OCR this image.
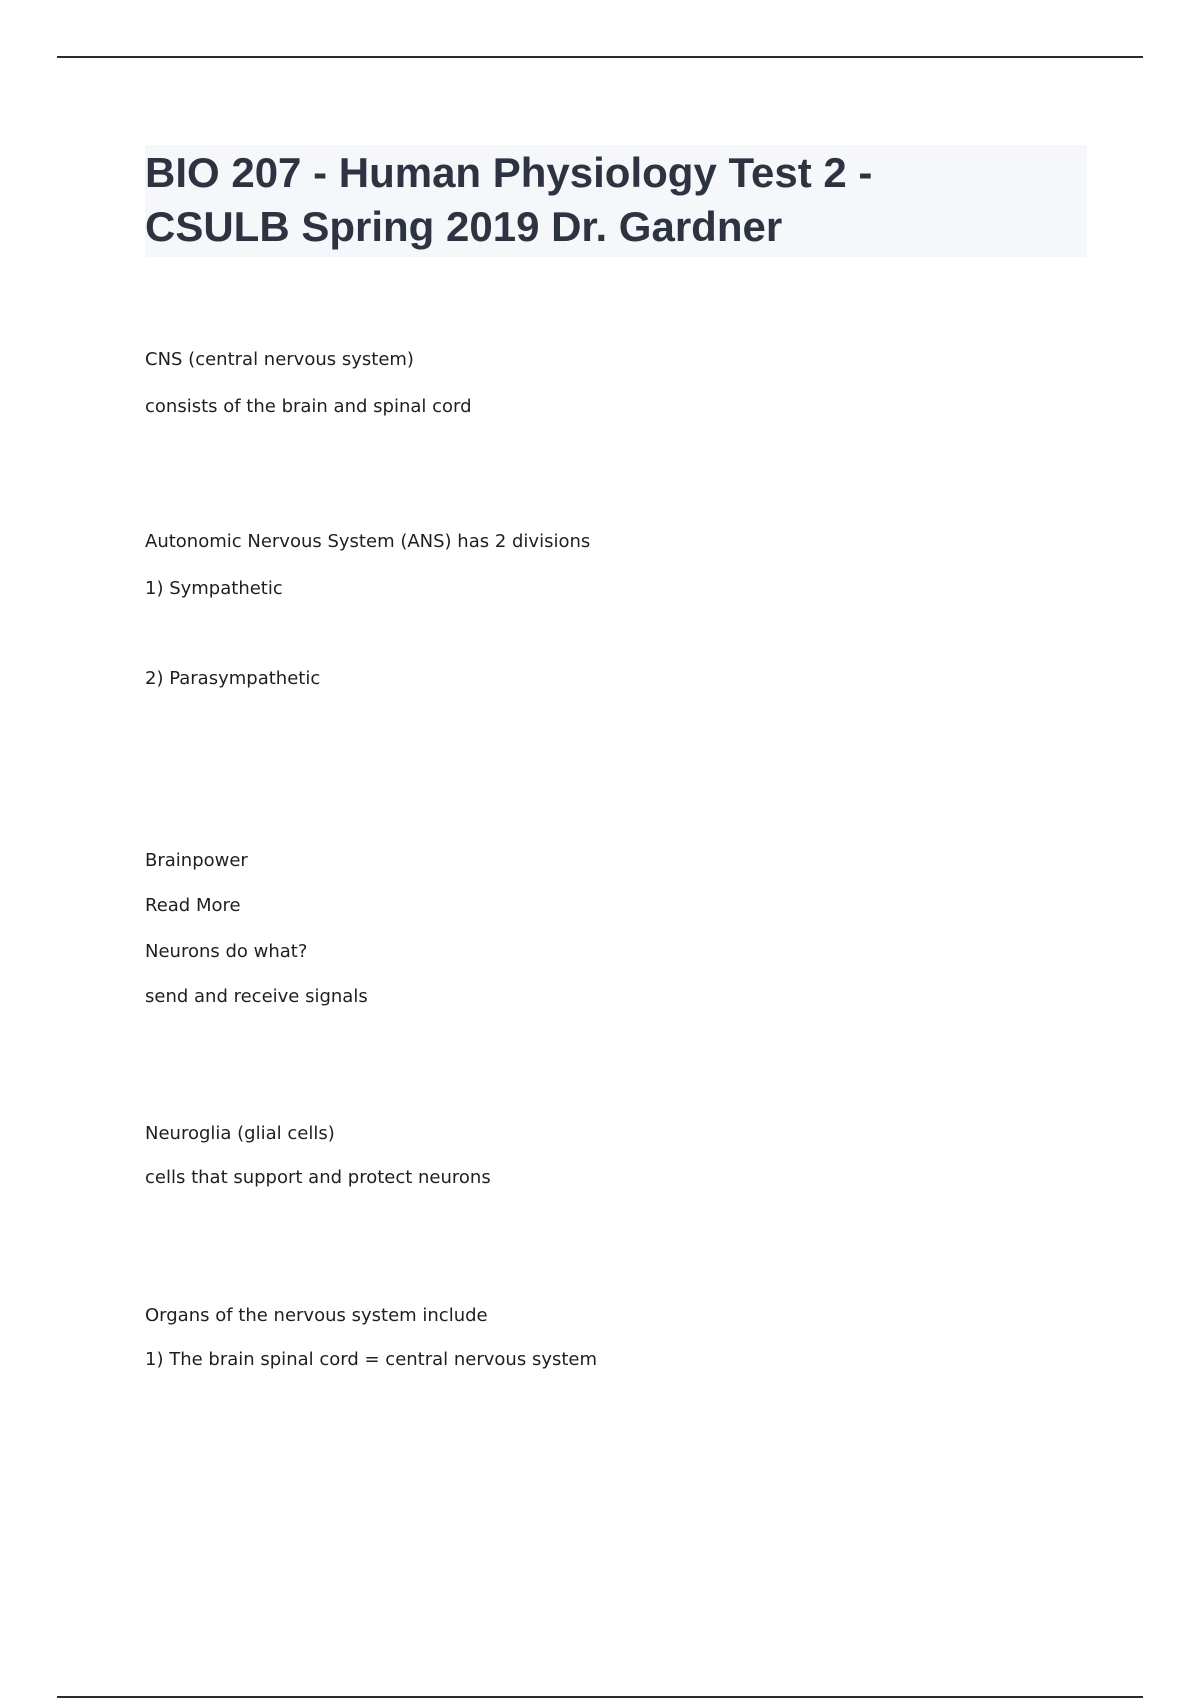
BIO 207 - Human Physiology Test 2 -
CSULB Spring 2019 Dr. Gardner
CNS (central nervous system)
consists of the brain and spinal cord
Autonomic Nervous System (ANS) has 2 divisions
1) Sympathetic
2) Parasympathetic
Brainpower
Read More
Neurons do what?
send and receive signals
Neuroglia (glial cells)
cells that support and protect neurons
Organs of the nervous system include
1) The brain spinal cord = central nervous system
